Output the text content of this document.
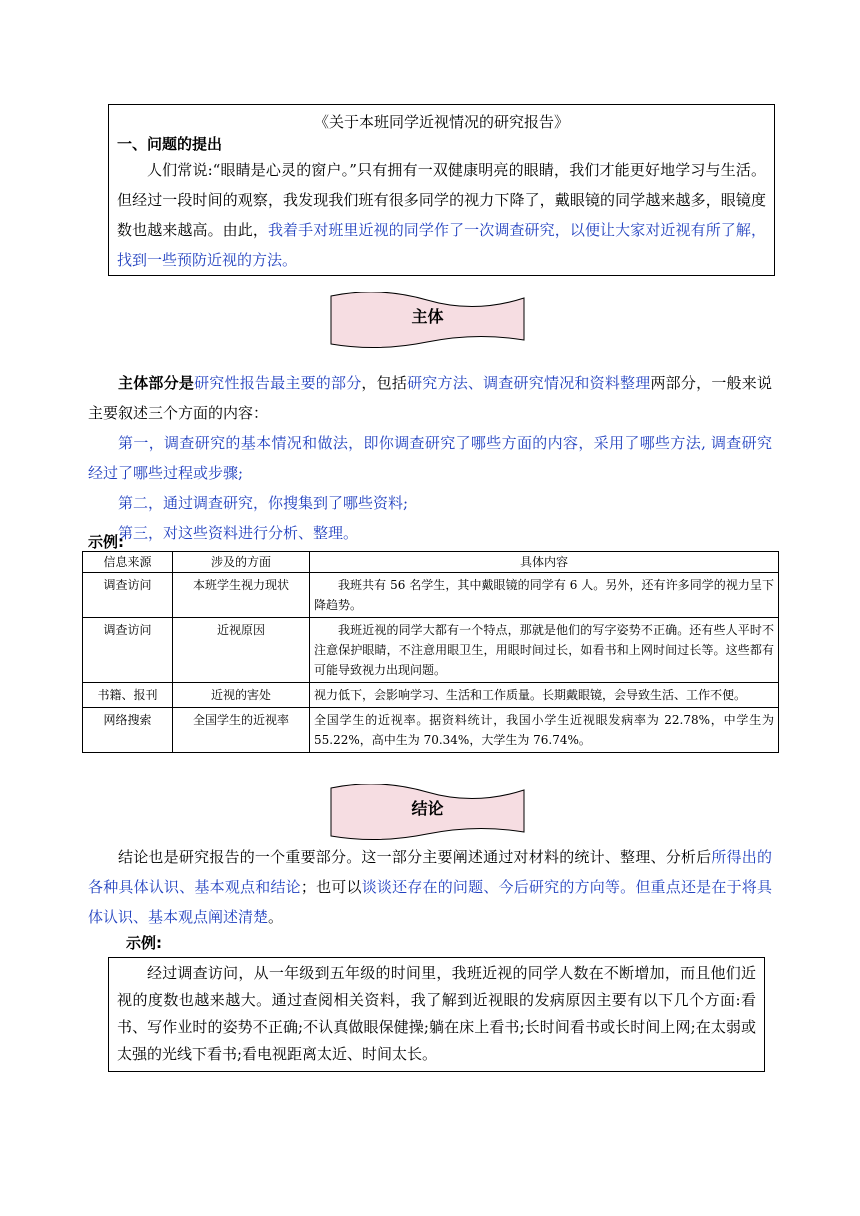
《关于本班同学近视情况的研究报告》
一、问题的提出

人们常说:“眼睛是心灵的窗户。”只有拥有一双健康明亮的眼睛，我们才能更好地学习与生活。但经过一段时间的观察，我发现我们班有很多同学的视力下降了，戴眼镜的同学越来越多，眼镜度数也越来越高。由此，我着手对班里近视的同学作了一次调查研究，以便让大家对近视有所了解，找到一些预防近视的方法。

主体

主体部分是研究性报告最主要的部分，包括研究方法、调查研究情况和资料整理两部分，一般来说主要叙述三个方面的内容：

第一，调查研究的基本情况和做法，即你调查研究了哪些方面的内容，采用了哪些方法, 调查研究经过了哪些过程或步骤;

第二，通过调查研究，你搜集到了哪些资料;

第三，对这些资料进行分析、整理。

示例:
信息来源	涉及的方面	具体内容
调查访问	本班学生视力现状	我班共有 56 名学生，其中戴眼镜的同学有 6 人。另外，还有许多同学的视力呈下降趋势。
调查访问	近视原因	我班近视的同学大都有一个特点，那就是他们的写字姿势不正确。还有些人平时不注意保护眼睛，不注意用眼卫生，用眼时间过长，如看书和上网时间过长等。这些都有可能导致视力出现问题。
书籍、报刊	近视的害处	视力低下，会影响学习、生活和工作质量。长期戴眼镜，会导致生活、工作不便。
网络搜索	全国学生的近视率	全国学生的近视率。据资料统计，我国小学生近视眼发病率为 22.78%，中学生为 55.22%，高中生为 70.34%，大学生为 76.74%。
结论

结论也是研究报告的一个重要部分。这一部分主要阐述通过对材料的统计、整理、分析后所得出的各种具体认识、基本观点和结论；也可以谈谈还存在的问题、今后研究的方向等。但重点还是在于将具体认识、基本观点阐述清楚。

示例:

经过调查访问，从一年级到五年级的时间里，我班近视的同学人数在不断增加，而且他们近视的度数也越来越大。通过查阅相关资料，我了解到近视眼的发病原因主要有以下几个方面:看书、写作业时的姿势不正确;不认真做眼保健操;躺在床上看书;长时间看书或长时间上网;在太弱或太强的光线下看书;看电视距离太近、时间太长。
